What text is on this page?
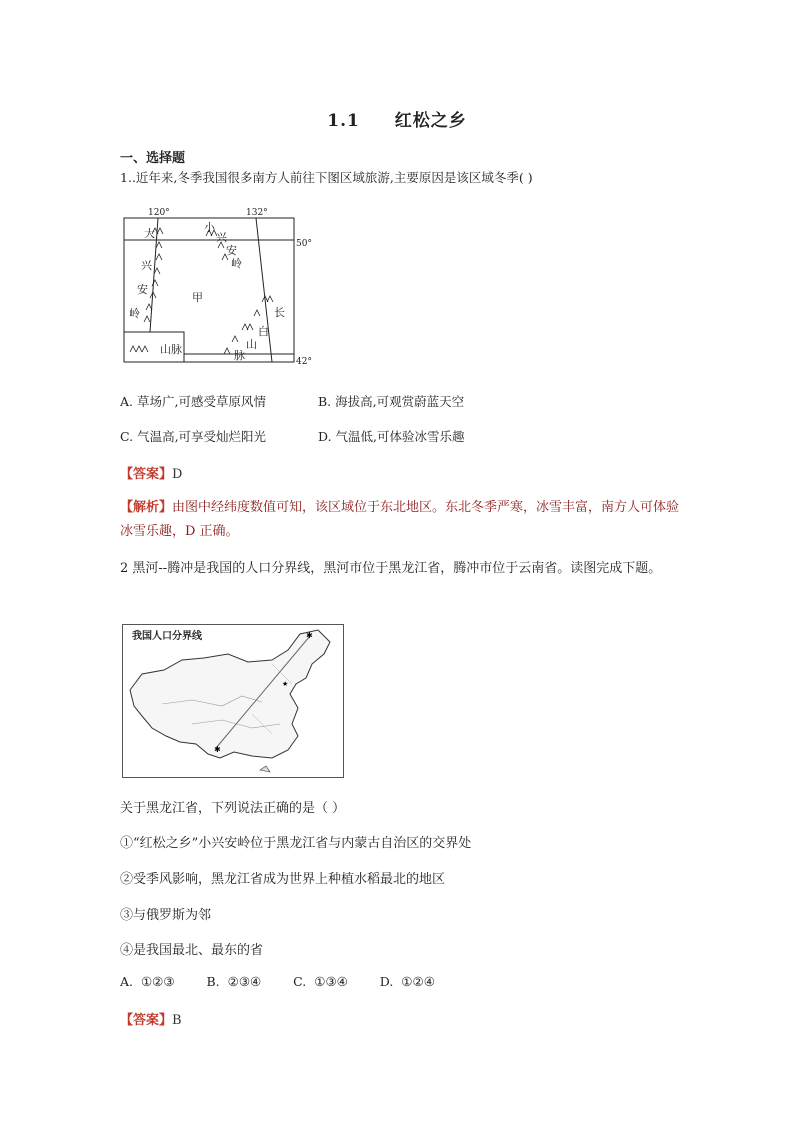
1.1 红松之乡
一、选择题
1..近年来,冬季我国很多南方人前往下图区域旅游,主要原因是该区域冬季( )
120°	132°
50°
42°
甲
大
兴
安
岭
小
兴
安
岭
长
白
山
脉
山脉
A. 草场广,可感受草原风情	B. 海拔高,可观赏蔚蓝天空
C. 气温高,可享受灿烂阳光	D. 气温低,可体验冰雪乐趣
【答案】D
【解析】由图中经纬度数值可知，该区域位于东北地区。东北冬季严寒，冰雪丰富，南方人可体验冰雪乐趣，D 正确。
2 黑河--腾冲是我国的人口分界线，黑河市位于黑龙江省，腾冲市位于云南省。读图完成下题。
我国人口分界线	✱
✱
★
关于黑龙江省，下列说法正确的是（ ）
①“红松之乡”小兴安岭位于黑龙江省与内蒙古自治区的交界处
②受季风影响，黑龙江省成为世界上种植水稻最北的地区
③与俄罗斯为邻
④是我国最北、最东的省
A. ①②③	B. ②③④	C. ①③④	D. ①②④
【答案】B
